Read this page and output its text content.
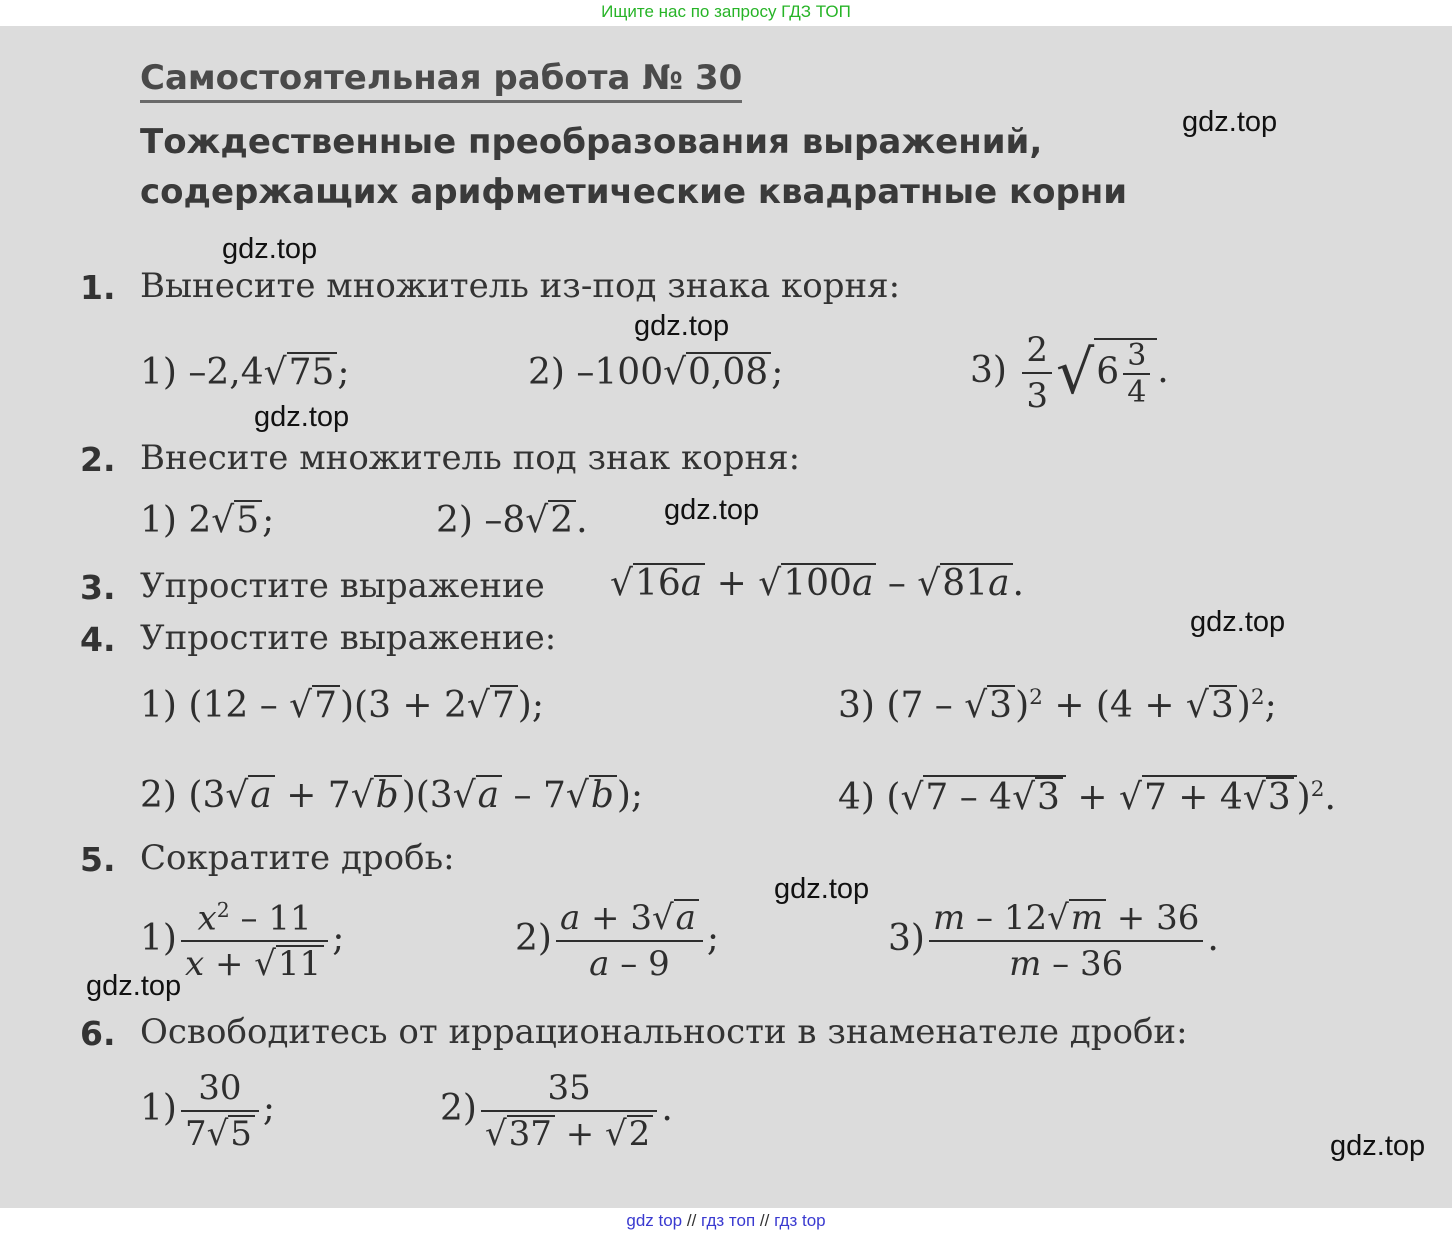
Ищите нас по запросу ГДЗ ТОП
Самостоятельная работа № 30
Тождественные преобразования выражений,
содержащих арифметические квадратные корни
1. Вынесите множитель из-под знака корня:
1) –2,4√75;	2) –100√0,08;	$3) \frac{2}{3} √6 \frac{3}{4}$ .
2. Внесите множитель под знак корня:
1) 2√5;	2) –8√2.
3. Упростите выражение √16a + √100a – √81a.
4. Упростите выражение:
1) (12 – √7)(3 + 2√7);	3) $(7 - √3)^2 + (4 + √3)^2$;
2) (3√a + 7√b)(3√a – 7√b);	4) (√7 – 4√3 + √7 + 4√3 )$^2$.
5. Сократите дробь:
$1) \frac{x^2 - 11}{x + √11}$ ;	$2) \frac{a + 3√a}{a - 9}$ ;	$3) \frac{m - 12√m + 36}{m - 36}$ .
6. Освободитесь от иррациональности в знаменателе дроби:
$1) \frac{30}{7√5}$ ;	$2) \frac{35}{√37 + √2}$ .
gdz.top
gdz.top
gdz.top
gdz.top
gdz.top
gdz.top
gdz.top
gdz.top
gdz.top
gdz top // гдз топ // гдз top
